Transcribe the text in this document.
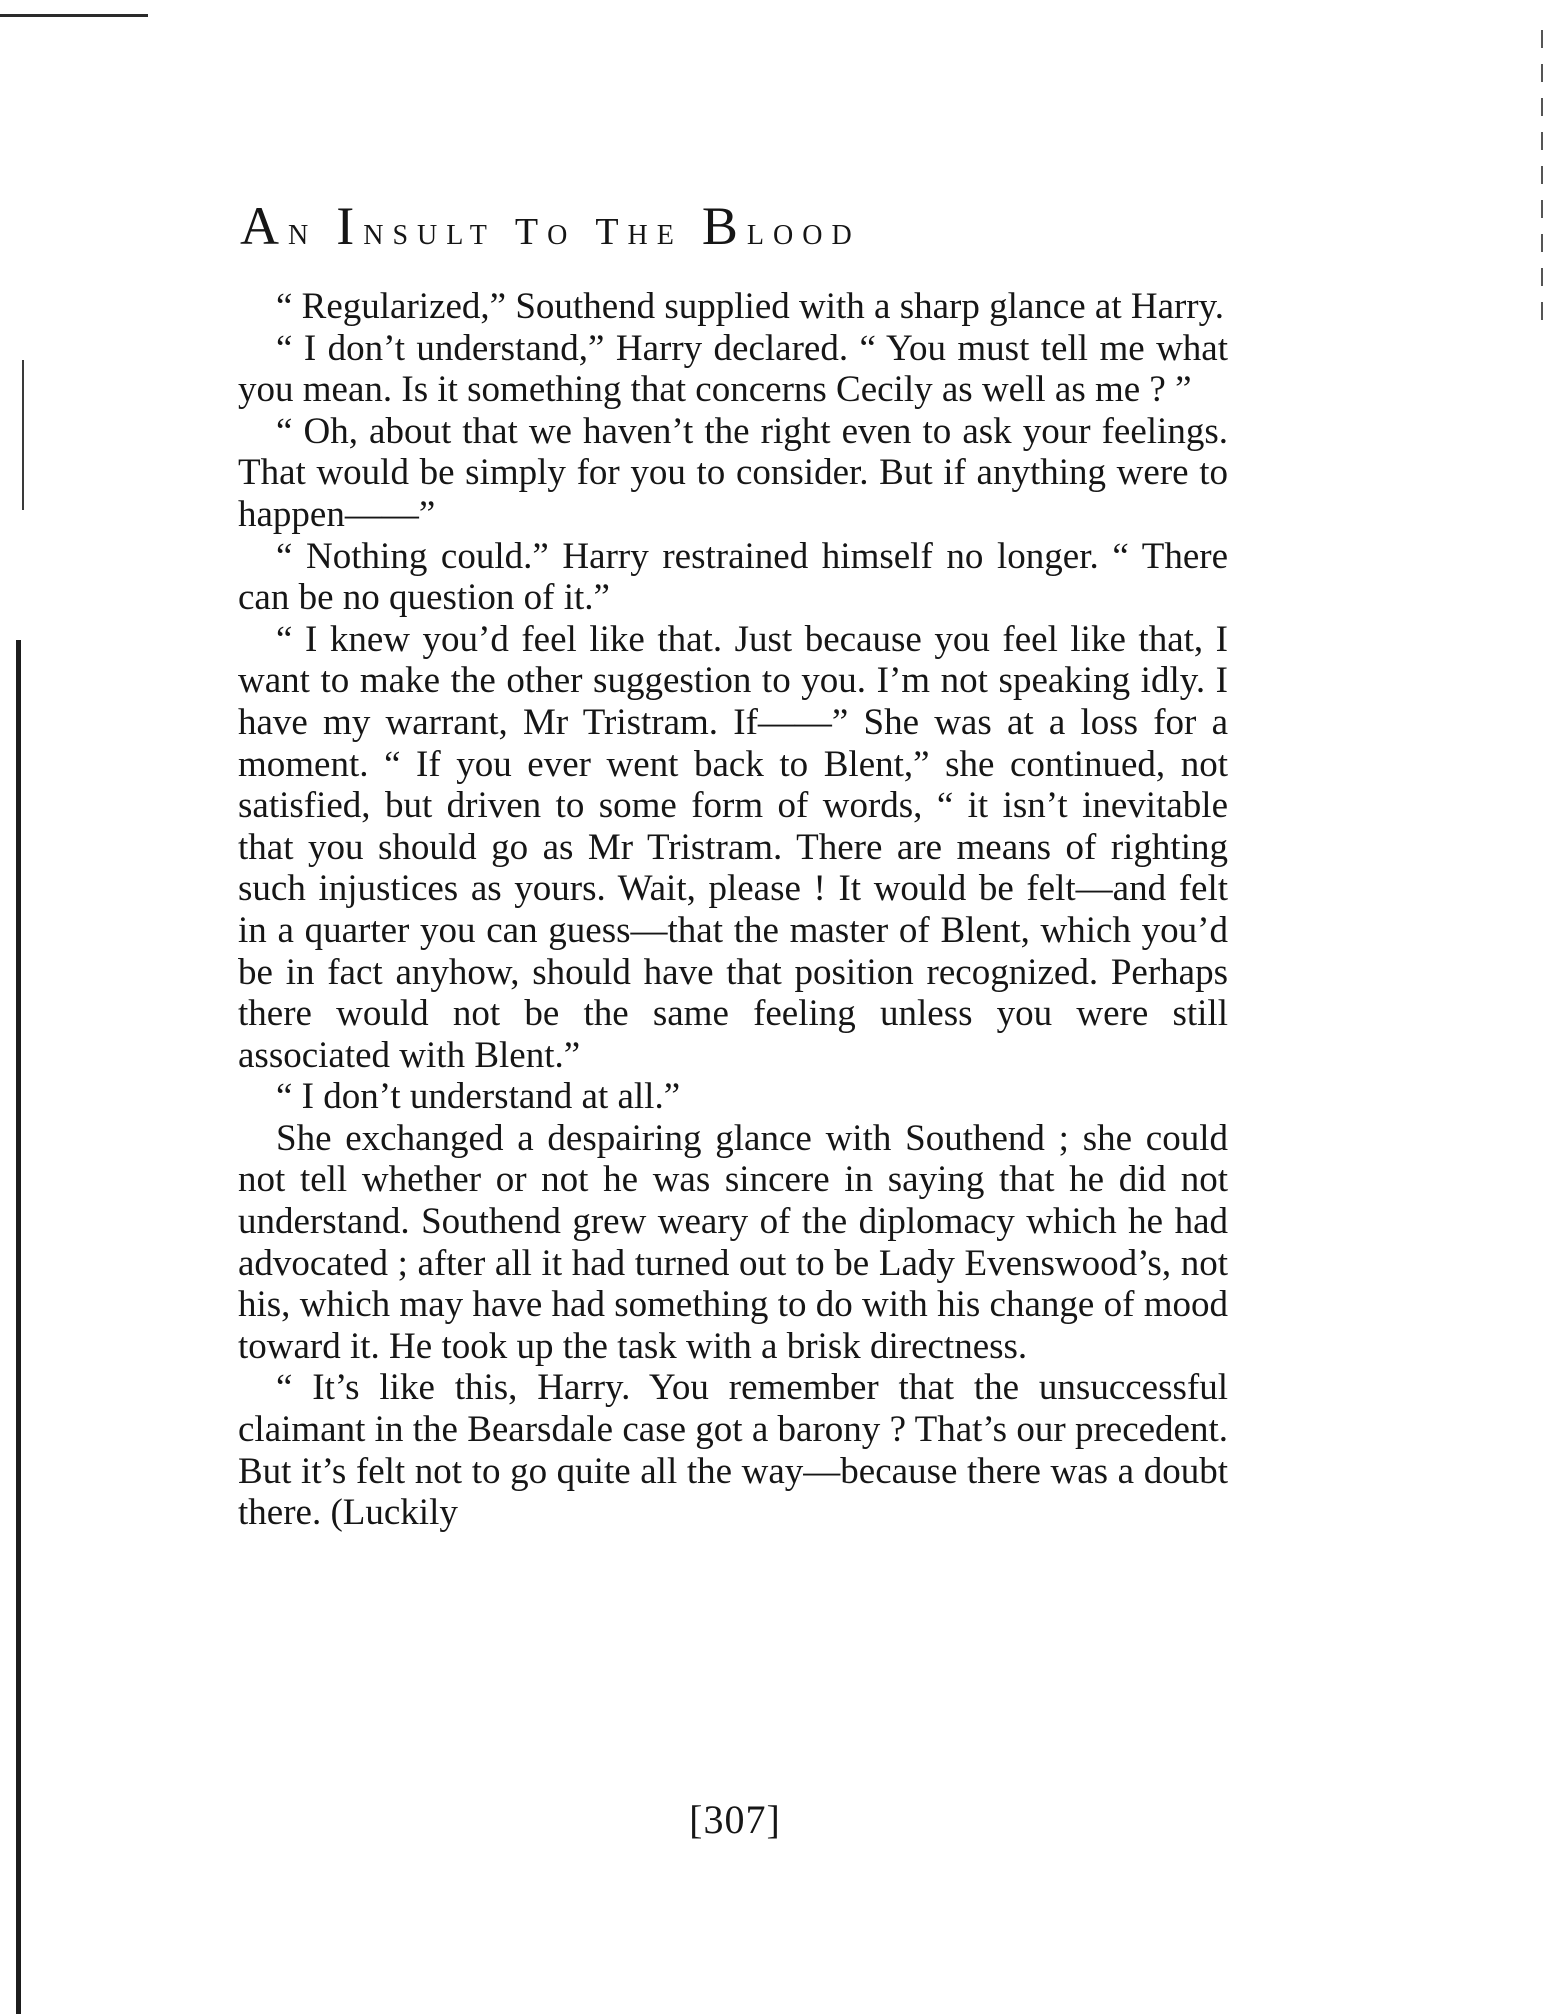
An Insult to the Blood

“ Regularized,” Southend supplied with a sharp glance at Harry.

“ I don’t understand,” Harry declared. “ You must tell me what you mean. Is it something that concerns Cecily as well as me ? ”

“ Oh, about that we haven’t the right even to ask your feelings. That would be simply for you to consider. But if anything were to happen——”

“ Nothing could.” Harry restrained himself no longer. “ There can be no question of it.”

“ I knew you’d feel like that. Just because you feel like that, I want to make the other suggestion to you. I’m not speaking idly. I have my warrant, Mr Tristram. If——” She was at a loss for a moment. “ If you ever went back to Blent,” she continued, not satisfied, but driven to some form of words, “ it isn’t inevitable that you should go as Mr Tristram. There are means of righting such injustices as yours. Wait, please ! It would be felt—and felt in a quarter you can guess—that the master of Blent, which you’d be in fact anyhow, should have that position recognized. Perhaps there would not be the same feeling unless you were still associated with Blent.”

“ I don’t understand at all.”

She exchanged a despairing glance with Southend ; she could not tell whether or not he was sincere in saying that he did not understand. Southend grew weary of the diplomacy which he had advocated ; after all it had turned out to be Lady Evenswood’s, not his, which may have had something to do with his change of mood toward it. He took up the task with a brisk directness.

“ It’s like this, Harry. You remember that the unsuccessful claimant in the Bearsdale case got a barony ? That’s our precedent. But it’s felt not to go quite all the way—because there was a doubt there. (Luckily

[307]
